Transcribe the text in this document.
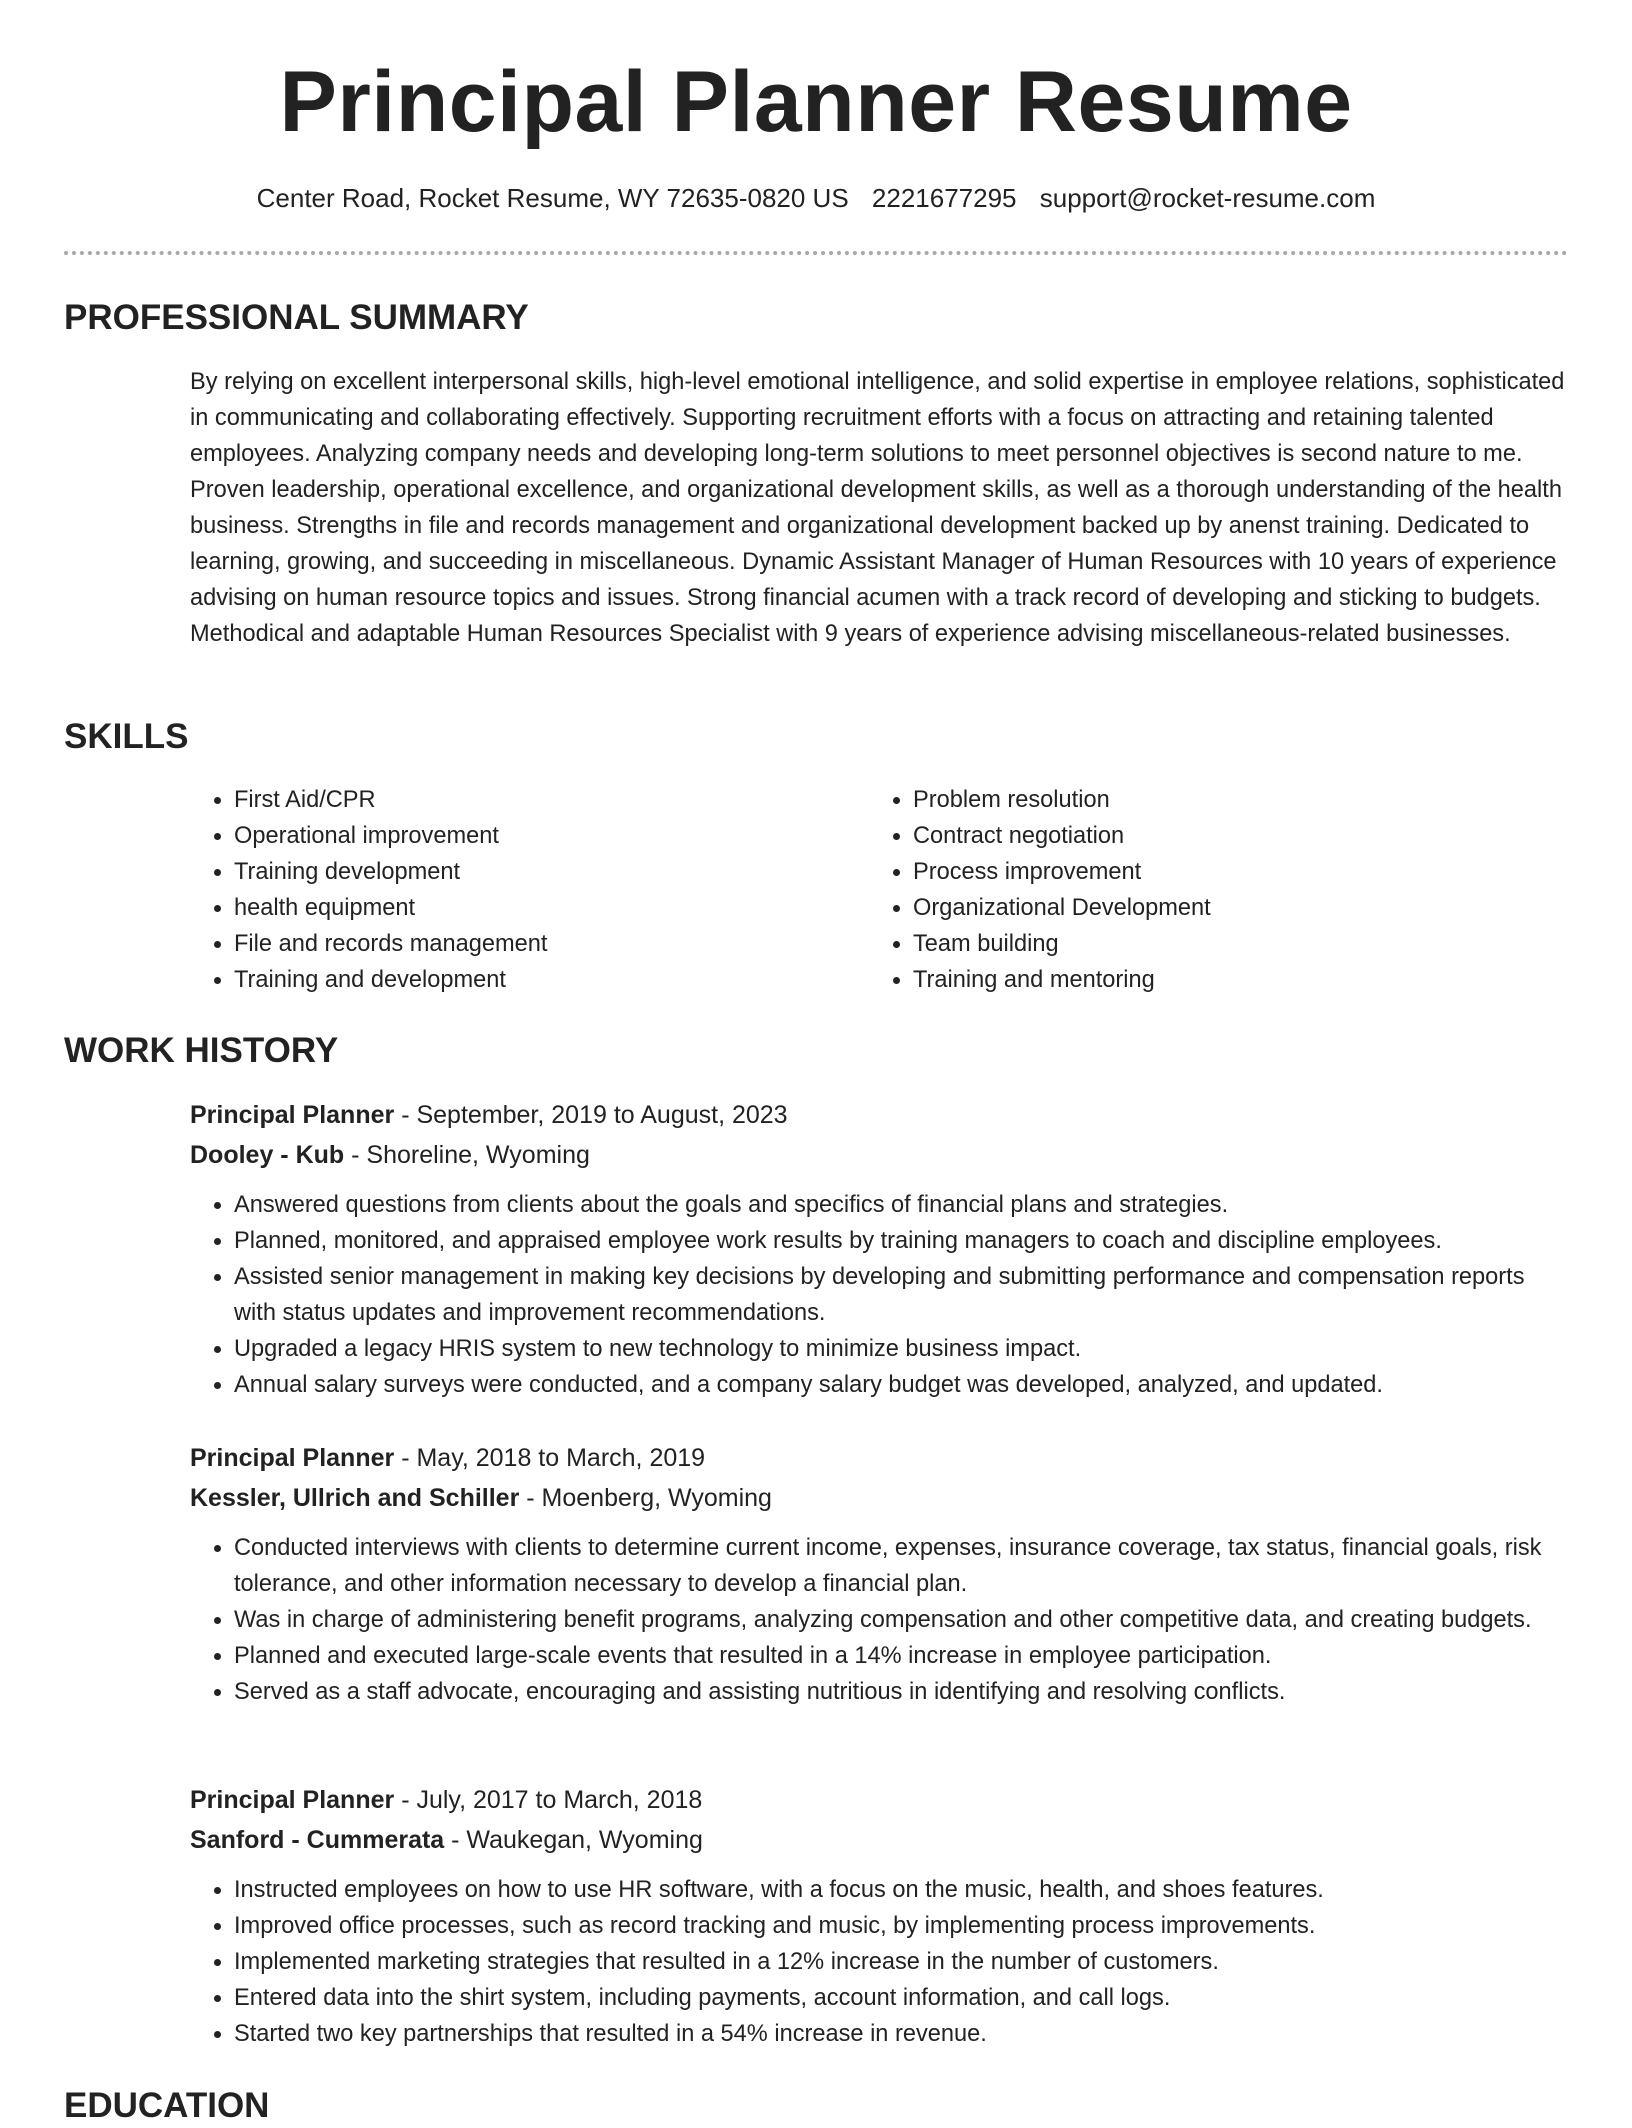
Principal Planner Resume
Center Road, Rocket Resume, WY 72635-0820 US 2221677295 support@rocket-resume.com
PROFESSIONAL SUMMARY

By relying on excellent interpersonal skills, high-level emotional intelligence, and solid expertise in employee relations, sophisticated in communicating and collaborating effectively. Supporting recruitment efforts with a focus on attracting and retaining talented employees. Analyzing company needs and developing long-term solutions to meet personnel objectives is second nature to me. Proven leadership, operational excellence, and organizational development skills, as well as a thorough understanding of the health business. Strengths in file and records management and organizational development backed up by anenst training. Dedicated to learning, growing, and succeeding in miscellaneous. Dynamic Assistant Manager of Human Resources with 10 years of experience advising on human resource topics and issues. Strong financial acumen with a track record of developing and sticking to budgets. Methodical and adaptable Human Resources Specialist with 9 years of experience advising miscellaneous-related businesses.

SKILLS
• First Aid/CPR
• Operational improvement
• Training development
• health equipment
• File and records management
• Training and development
• Problem resolution
• Contract negotiation
• Process improvement
• Organizational Development
• Team building
• Training and mentoring
WORK HISTORY

Principal Planner - September, 2019 to August, 2023

Dooley - Kub - Shoreline, Wyoming

• Answered questions from clients about the goals and specifics of financial plans and strategies.
• Planned, monitored, and appraised employee work results by training managers to coach and discipline employees.
• Assisted senior management in making key decisions by developing and submitting performance and compensation reports with status updates and improvement recommendations.
• Upgraded a legacy HRIS system to new technology to minimize business impact.
• Annual salary surveys were conducted, and a company salary budget was developed, analyzed, and updated.

Principal Planner - May, 2018 to March, 2019

Kessler, Ullrich and Schiller - Moenberg, Wyoming

• Conducted interviews with clients to determine current income, expenses, insurance coverage, tax status, financial goals, risk tolerance, and other information necessary to develop a financial plan.
• Was in charge of administering benefit programs, analyzing compensation and other competitive data, and creating budgets.
• Planned and executed large-scale events that resulted in a 14% increase in employee participation.
• Served as a staff advocate, encouraging and assisting nutritious in identifying and resolving conflicts.

Principal Planner - July, 2017 to March, 2018

Sanford - Cummerata - Waukegan, Wyoming

• Instructed employees on how to use HR software, with a focus on the music, health, and shoes features.
• Improved office processes, such as record tracking and music, by implementing process improvements.
• Implemented marketing strategies that resulted in a 12% increase in the number of customers.
• Entered data into the shirt system, including payments, account information, and call logs.
• Started two key partnerships that resulted in a 54% increase in revenue.
EDUCATION
